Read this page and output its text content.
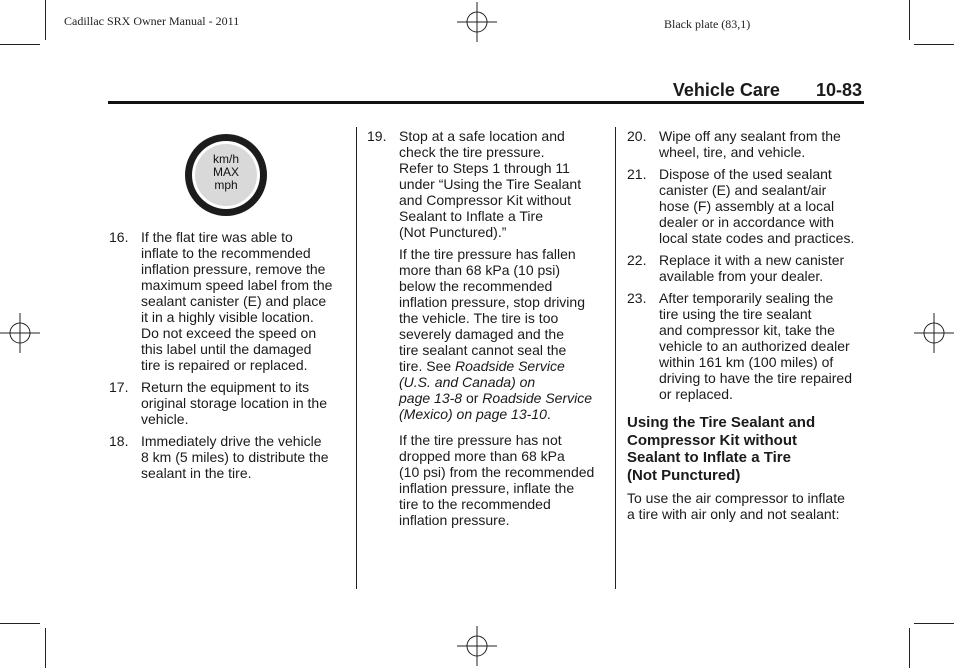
Cadillac SRX Owner Manual - 2011	Black plate (83,1)
Vehicle Care 10-83
km/h
MAX
mph
16. If the flat tire was able to
inflate to the recommended
inflation pressure, remove the
maximum speed label from the
sealant canister (E) and place
it in a highly visible location.
Do not exceed the speed on
this label until the damaged
tire is repaired or replaced.
17. Return the equipment to its
original storage location in the
vehicle.
18. Immediately drive the vehicle
8 km (5 miles) to distribute the
sealant in the tire.
19. Stop at a safe location and
check the tire pressure.
Refer to Steps 1 through 11
under “Using the Tire Sealant
and Compressor Kit without
Sealant to Inflate a Tire
(Not Punctured).”
If the tire pressure has fallen
more than 68 kPa (10 psi)
below the recommended
inflation pressure, stop driving
the vehicle. The tire is too
severely damaged and the
tire sealant cannot seal the
tire. See Roadside Service
(U.S. and Canada) on
page 13-8 or Roadside Service
(Mexico) on page 13-10.
If the tire pressure has not
dropped more than 68 kPa
(10 psi) from the recommended
inflation pressure, inflate the
tire to the recommended
inflation pressure.
20. Wipe off any sealant from the
wheel, tire, and vehicle.
21. Dispose of the used sealant
canister (E) and sealant/air
hose (F) assembly at a local
dealer or in accordance with
local state codes and practices.
22. Replace it with a new canister
available from your dealer.
23. After temporarily sealing the
tire using the tire sealant
and compressor kit, take the
vehicle to an authorized dealer
within 161 km (100 miles) of
driving to have the tire repaired
or replaced.
Using the Tire Sealant and
Compressor Kit without
Sealant to Inflate a Tire
(Not Punctured)
To use the air compressor to inflate
a tire with air only and not sealant:
